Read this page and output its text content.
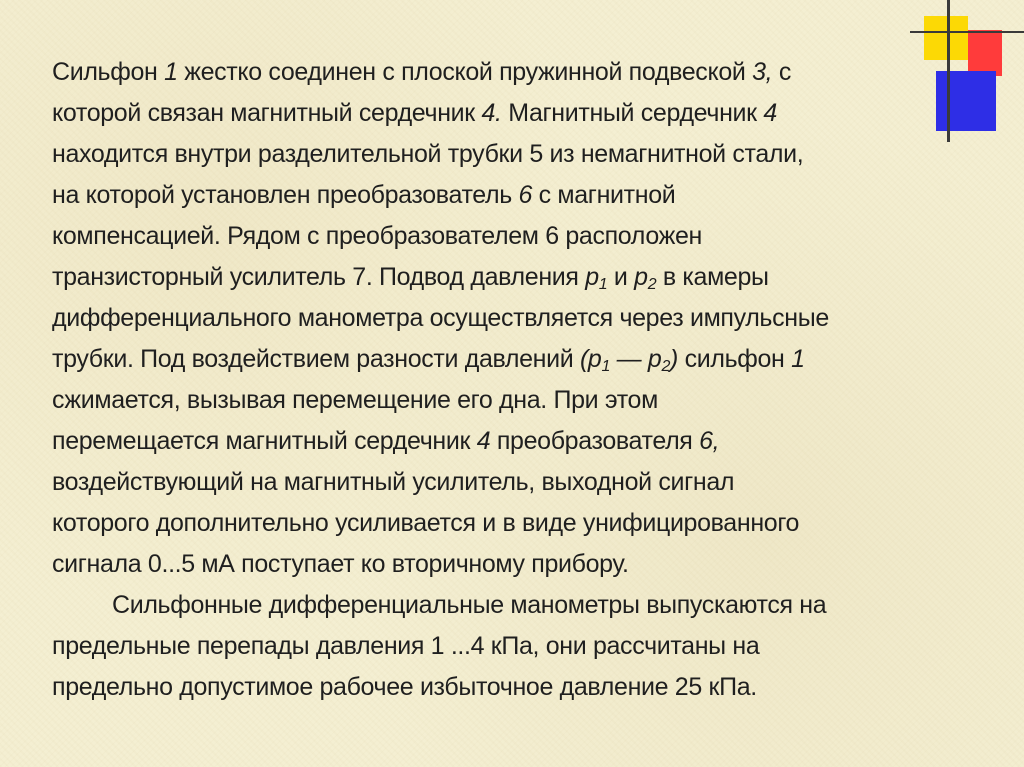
Сильфон 1 жестко соединен с плоской пружинной подвеской 3, с
которой связан магнитный сердечник 4. Магнитный сердечник 4
находится внутри разделительной трубки 5 из немагнитной стали,
на которой установлен преобразователь 6 с магнитной
компенсацией. Рядом с преобразователем 6 расположен
транзисторный усилитель 7. Подвод давления $p_1$ и $p_2$ в камеры
дифференциального манометра осуществляется через импульсные
трубки. Под воздействием разности давлений ($p_1$ — $p_2$) сильфон 1
сжимается, вызывая перемещение его дна. При этом
перемещается магнитный сердечник 4 преобразователя 6,
воздействующий на магнитный усилитель, выходной сигнал
которого дополнительно усиливается и в виде унифицированного
сигнала 0...5 мА поступает ко вторичному прибору.
Сильфонные дифференциальные манометры выпускаются на
предельные перепады давления 1 ...4 кПа, они рассчитаны на
предельно допустимое рабочее избыточное давление 25 кПа.
